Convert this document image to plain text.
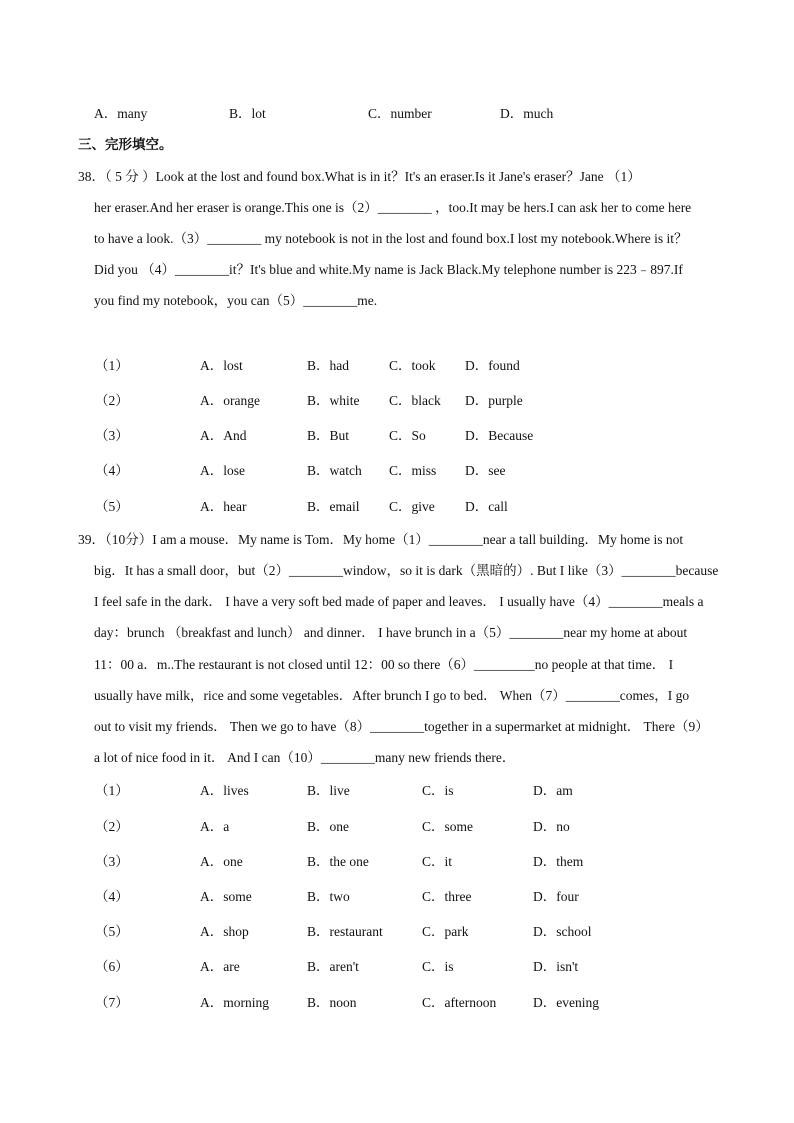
A．many	B．lot	C．number	D．much
三、完形填空。
38．（ 5 分 ）Look at the lost and found box.What is in it？It's an eraser.Is it Jane's eraser？Jane （1）
her eraser.And her eraser is orange.This one is（2）________ ，too.It may be hers.I can ask her to come here
to have a look.（3）________ my notebook is not in the lost and found box.I lost my notebook.Where is it？
Did you （4）________it？It's blue and white.My name is Jack Black.My telephone number is 223﹣897.If
you find my notebook，you can（5）________me.
（1）	A．lost	B．had	C．took D．found
（2）	A．orange	B．white C．black D．purple
（3）	A．And	B．But	C．So	D．Because
（4）	A．lose	B．watch C．miss D．see
（5）	A．hear	B．email C．give D．call
39．（10分）I am a mouse．My name is Tom．My home（1）________near a tall building．My home is not
big．It has a small door，but（2）________window，so it is dark（黑暗的）. But I like（3）________because
I feel safe in the dark． I have a very soft bed made of paper and leaves． I usually have（4）________meals a
day：brunch （breakfast and lunch） and dinner． I have brunch in a（5）________near my home at about
11：00 a．m..The restaurant is not closed until 12：00 so there（6）_________no people at that time． I
usually have milk，rice and some vegetables．After brunch I go to bed． When（7）________comes，I go
out to visit my friends． Then we go to have（8）________together in a supermarket at midnight． There（9）
a lot of nice food in it． And I can（10）________many new friends there．
（1）	A．lives	B．live	C．is	D．am
（2）	A．a	B．one	C．some	D．no
（3）	A．one	B．the one	C．it	D．them
（4）	A．some	B．two	C．three	D．four
（5）	A．shop	B．restaurant	C．park	D．school
（6）	A．are	B．aren't	C．is	D．isn't
（7）	A．morning	B．noon	C．afternoon	D．evening
